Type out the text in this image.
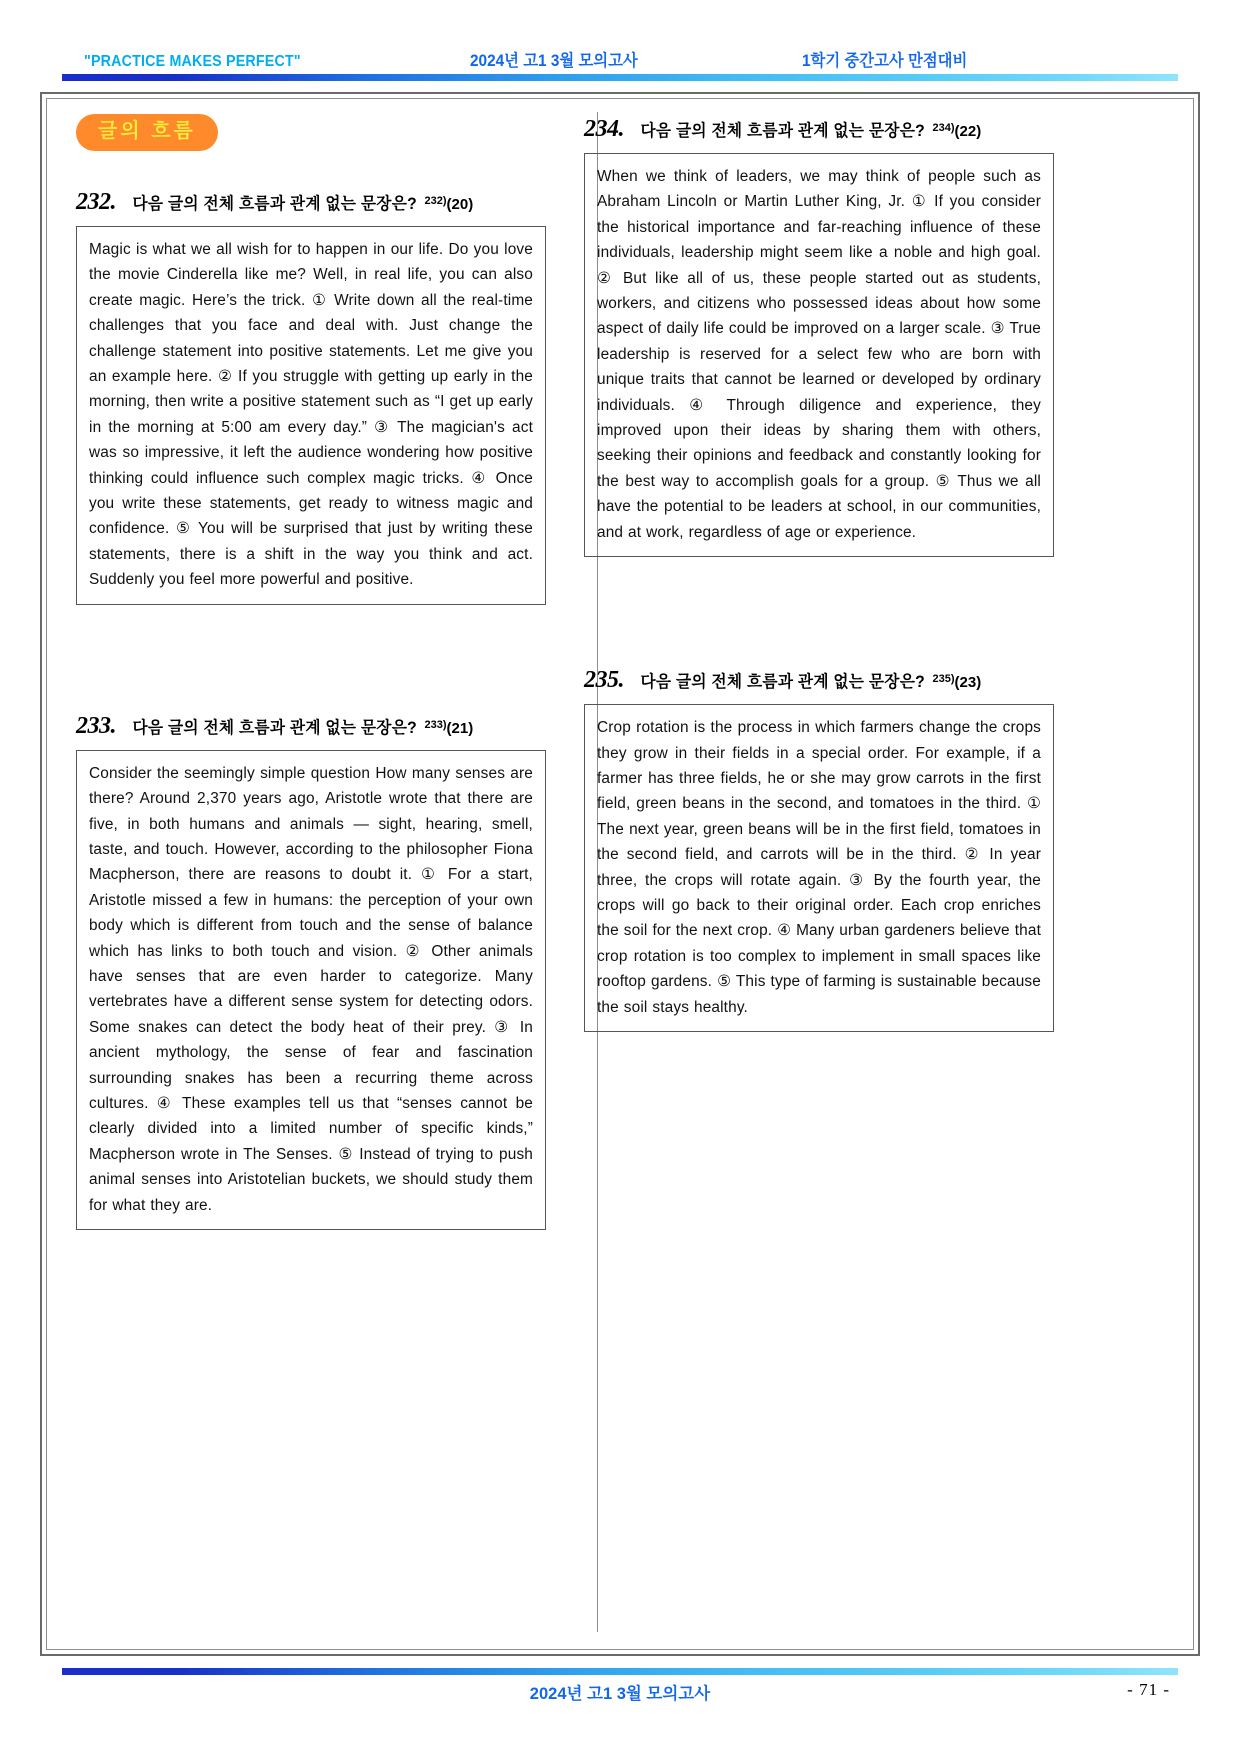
"PRACTICE MAKES PERFECT"	2024년 고1 3월 모의고사	1학기 중간고사 만점대비
글의 흐름
232. 다음 글의 전체 흐름과 관계 없는 문장은? 232) (20)
Magic is what we all wish for to happen in our life. Do you love the movie Cinderella like me? Well, in real life, you can also create magic. Here’s the trick. ① Write down all the real-time challenges that you face and deal with. Just change the challenge statement into positive statements. Let me give you an example here. ② If you struggle with getting up early in the morning, then write a positive statement such as “I get up early in the morning at 5:00 am every day.” ③ The magician's act was so impressive, it left the audience wondering how positive thinking could influence such complex magic tricks. ④ Once you write these statements, get ready to witness magic and confidence. ⑤ You will be surprised that just by writing these statements, there is a shift in the way you think and act. Suddenly you feel more powerful and positive.
233. 다음 글의 전체 흐름과 관계 없는 문장은? 233) (21)
Consider the seemingly simple question How many senses are there? Around 2,370 years ago, Aristotle wrote that there are five, in both humans and animals — sight, hearing, smell, taste, and touch. However, according to the philosopher Fiona Macpherson, there are reasons to doubt it. ① For a start, Aristotle missed a few in humans: the perception of your own body which is different from touch and the sense of balance which has links to both touch and vision. ② Other animals have senses that are even harder to categorize. Many vertebrates have a different sense system for detecting odors. Some snakes can detect the body heat of their prey. ③ In ancient mythology, the sense of fear and fascination surrounding snakes has been a recurring theme across cultures. ④ These examples tell us that “senses cannot be clearly divided into a limited number of specific kinds,” Macpherson wrote in The Senses. ⑤ Instead of trying to push animal senses into Aristotelian buckets, we should study them for what they are.
234. 다음 글의 전체 흐름과 관계 없는 문장은? 234) (22)
When we think of leaders, we may think of people such as Abraham Lincoln or Martin Luther King, Jr. ① If you consider the historical importance and far-reaching influence of these individuals, leadership might seem like a noble and high goal. ② But like all of us, these people started out as students, workers, and citizens who possessed ideas about how some aspect of daily life could be improved on a larger scale. ③ True leadership is reserved for a select few who are born with unique traits that cannot be learned or developed by ordinary individuals. ④ Through diligence and experience, they improved upon their ideas by sharing them with others, seeking their opinions and feedback and constantly looking for the best way to accomplish goals for a group. ⑤ Thus we all have the potential to be leaders at school, in our communities, and at work, regardless of age or experience.
235. 다음 글의 전체 흐름과 관계 없는 문장은? 235) (23)
Crop rotation is the process in which farmers change the crops they grow in their fields in a special order. For example, if a farmer has three fields, he or she may grow carrots in the first field, green beans in the second, and tomatoes in the third. ① The next year, green beans will be in the first field, tomatoes in the second field, and carrots will be in the third. ② In year three, the crops will rotate again. ③ By the fourth year, the crops will go back to their original order. Each crop enriches the soil for the next crop. ④ Many urban gardeners believe that crop rotation is too complex to implement in small spaces like rooftop gardens. ⑤ This type of farming is sustainable because the soil stays healthy.
2024년 고1 3월 모의고사	- 71 -
